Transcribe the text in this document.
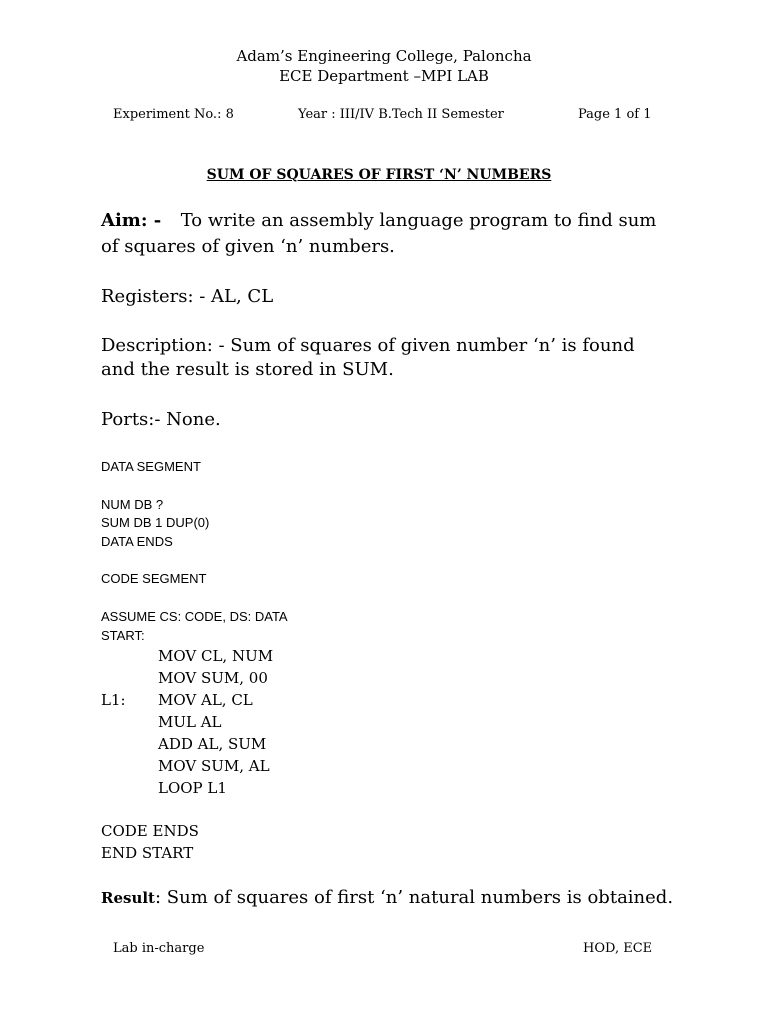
Adam’s Engineering College, Paloncha
ECE Department –MPI LAB
Experiment No.: 8	Year : III/IV B.Tech II Semester	Page 1 of 1
SUM OF SQUARES OF FIRST ‘N’ NUMBERS
Aim: - To write an assembly language program to find sum
of squares of given ‘n’ numbers.
Registers: - AL, CL
Description: - Sum of squares of given number ‘n’ is found
and the result is stored in SUM.
Ports:- None.
DATA SEGMENT
NUM DB ?
SUM DB 1 DUP(0)
DATA ENDS
CODE SEGMENT
ASSUME CS: CODE, DS: DATA
START:
MOV CL, NUM
MOV SUM, 00
L1: MOV AL, CL
MUL AL
ADD AL, SUM
MOV SUM, AL
LOOP L1
CODE ENDS
END START
Result: Sum of squares of first ‘n’ natural numbers is obtained.
Lab in-charge	HOD, ECE
